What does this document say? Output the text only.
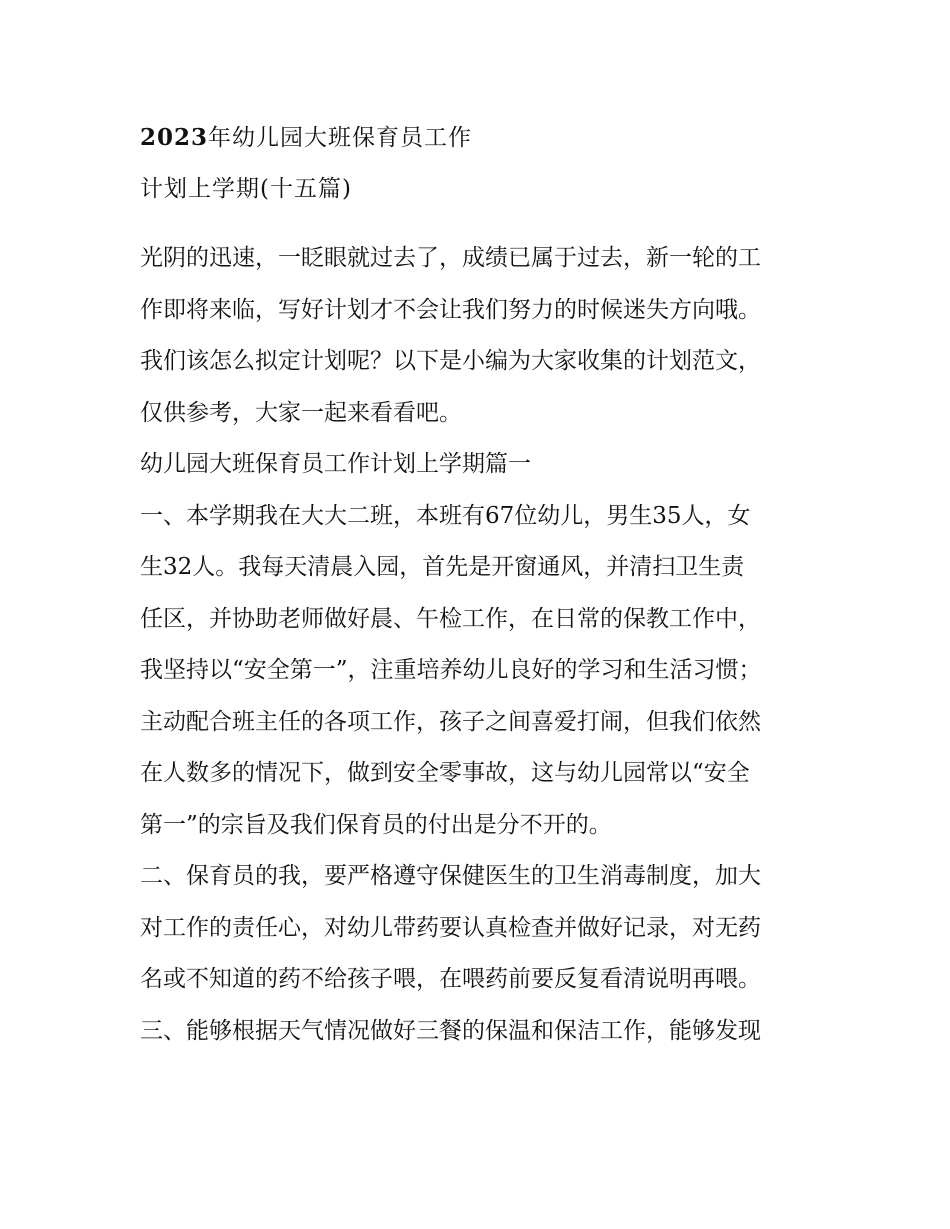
2023年幼儿园大班保育员工作
计划上学期(十五篇)
光阴的迅速，一眨眼就过去了，成绩已属于过去，新一轮的工
作即将来临，写好计划才不会让我们努力的时候迷失方向哦。
我们该怎么拟定计划呢？以下是小编为大家收集的计划范文，
仅供参考，大家一起来看看吧。
幼儿园大班保育员工作计划上学期篇一
一、本学期我在大大二班，本班有67位幼儿，男生35人，女
生32人。我每天清晨入园，首先是开窗通风，并清扫卫生责
任区，并协助老师做好晨、午检工作，在日常的保教工作中，
我坚持以“安全第一”，注重培养幼儿良好的学习和生活习惯；
主动配合班主任的各项工作，孩子之间喜爱打闹，但我们依然
在人数多的情况下，做到安全零事故，这与幼儿园常以“安全
第一”的宗旨及我们保育员的付出是分不开的。
二、保育员的我，要严格遵守保健医生的卫生消毒制度，加大
对工作的责任心，对幼儿带药要认真检查并做好记录，对无药
名或不知道的药不给孩子喂，在喂药前要反复看清说明再喂。
三、能够根据天气情况做好三餐的保温和保洁工作，能够发现
